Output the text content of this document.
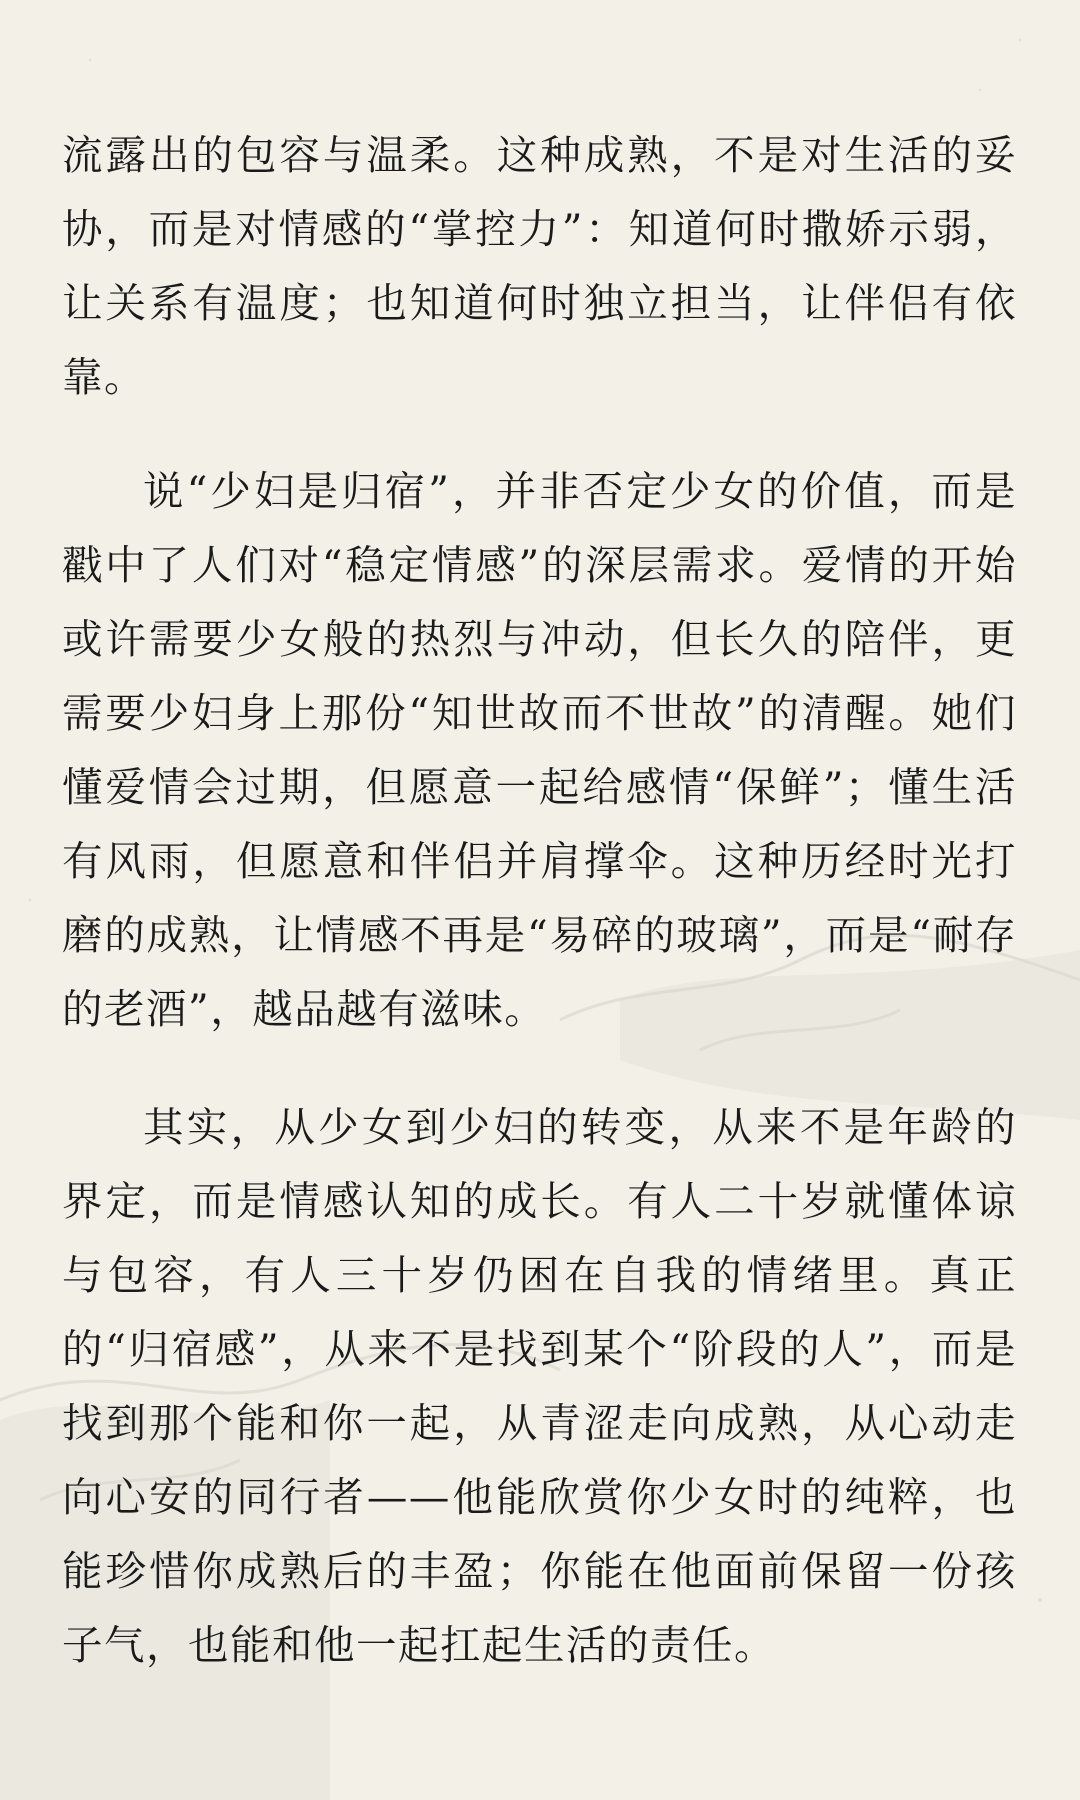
流露出的包容与温柔。这种成熟，不是对生活的妥协，而是对情感的“掌控力”：知道何时撒娇示弱，让关系有温度；也知道何时独立担当，让伴侣有依靠。

说“少妇是归宿”，并非否定少女的价值，而是戳中了人们对“稳定情感”的深层需求。爱情的开始或许需要少女般的热烈与冲动，但长久的陪伴，更需要少妇身上那份“知世故而不世故”的清醒。她们懂爱情会过期，但愿意一起给感情“保鲜”；懂生活有风雨，但愿意和伴侣并肩撑伞。这种历经时光打磨的成熟，让情感不再是“易碎的玻璃”，而是“耐存的老酒”，越品越有滋味。

其实，从少女到少妇的转变，从来不是年龄的界定，而是情感认知的成长。有人二十岁就懂体谅与包容，有人三十岁仍困在自我的情绪里。真正的“归宿感”，从来不是找到某个“阶段的人”，而是找到那个能和你一起，从青涩走向成熟，从心动走向心安的同行者——他能欣赏你少女时的纯粹，也能珍惜你成熟后的丰盈；你能在他面前保留一份孩子气，也能和他一起扛起生活的责任。
